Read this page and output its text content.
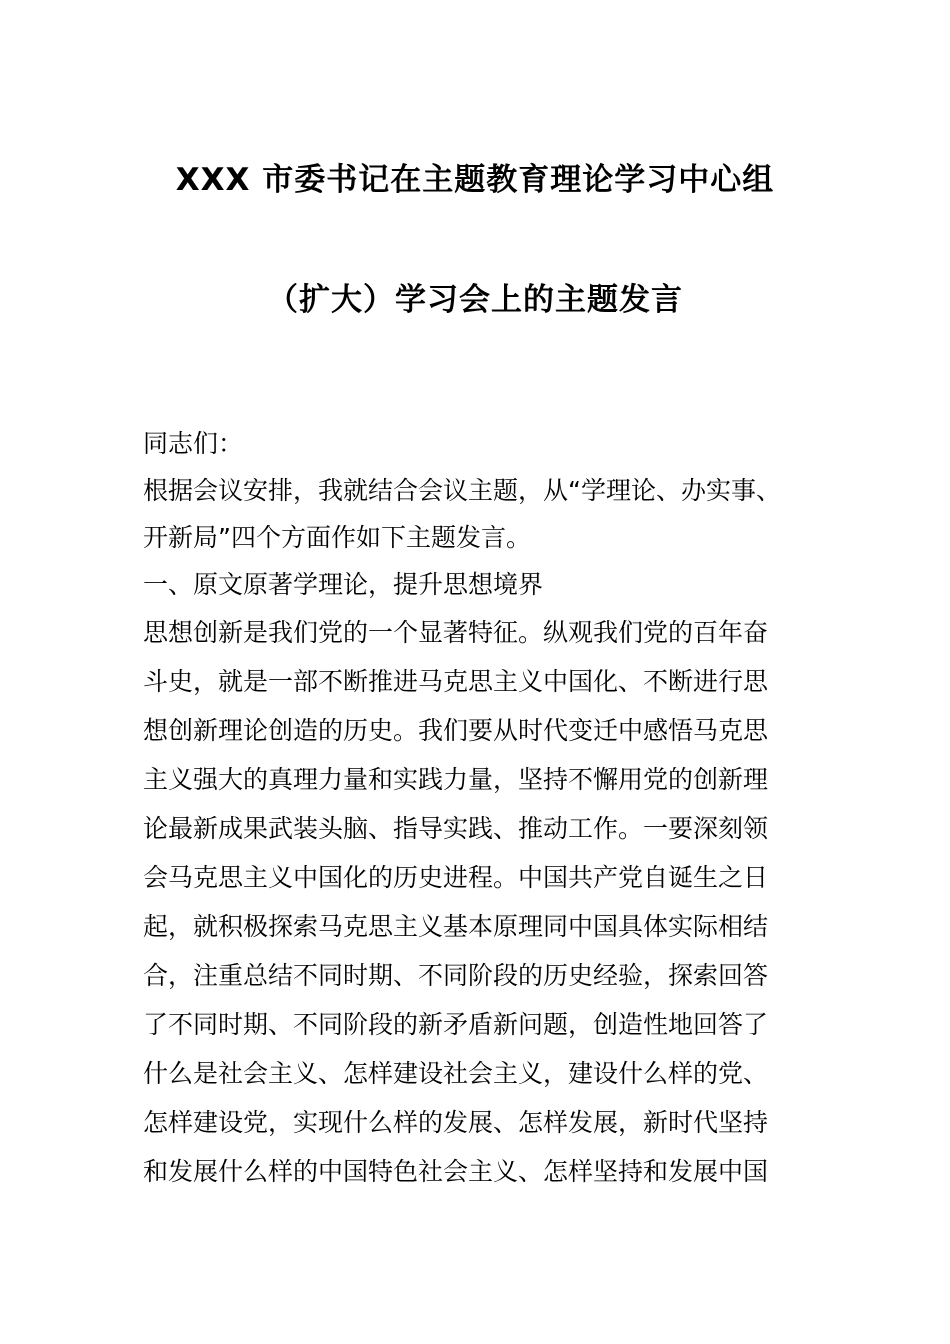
XXX 市委书记在主题教育理论学习中心组
（扩大）学习会上的主题发言
同志们：
根据会议安排，我就结合会议主题，从“学理论、办实事、
开新局”四个方面作如下主题发言。
一、原文原著学理论，提升思想境界
思想创新是我们党的一个显著特征。纵观我们党的百年奋
斗史，就是一部不断推进马克思主义中国化、不断进行思
想创新理论创造的历史。我们要从时代变迁中感悟马克思
主义强大的真理力量和实践力量，坚持不懈用党的创新理
论最新成果武装头脑、指导实践、推动工作。一要深刻领
会马克思主义中国化的历史进程。中国共产党自诞生之日
起，就积极探索马克思主义基本原理同中国具体实际相结
合，注重总结不同时期、不同阶段的历史经验，探索回答
了不同时期、不同阶段的新矛盾新问题，创造性地回答了
什么是社会主义、怎样建设社会主义，建设什么样的党、
怎样建设党，实现什么样的发展、怎样发展，新时代坚持
和发展什么样的中国特色社会主义、怎样坚持和发展中国
